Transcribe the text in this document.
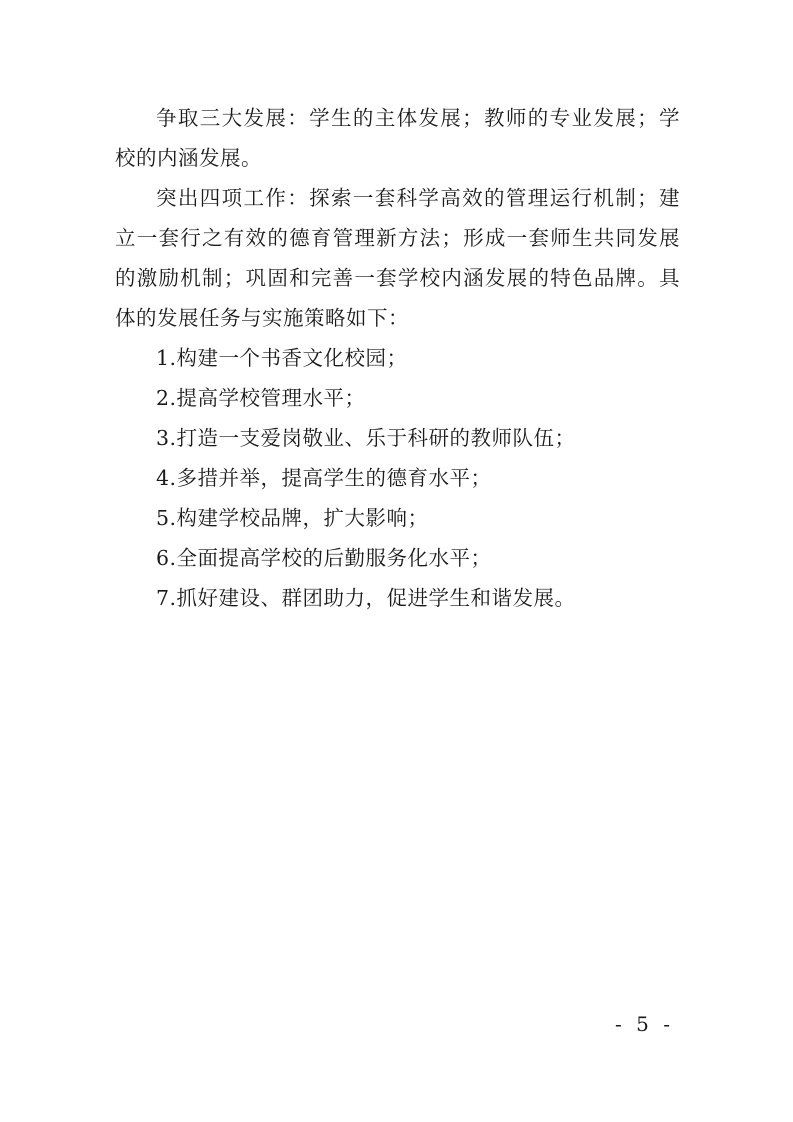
争取三大发展：学生的主体发展；教师的专业发展；学校的内涵发展。

突出四项工作：探索一套科学高效的管理运行机制；建立一套行之有效的德育管理新方法；形成一套师生共同发展的激励机制；巩固和完善一套学校内涵发展的特色品牌。具体的发展任务与实施策略如下：

1.构建一个书香文化校园；

2.提高学校管理水平；

3.打造一支爱岗敬业、乐于科研的教师队伍；

4.多措并举，提高学生的德育水平；

5.构建学校品牌，扩大影响；

6.全面提高学校的后勤服务化水平；

7.抓好建设、群团助力，促进学生和谐发展。

- 5 -
